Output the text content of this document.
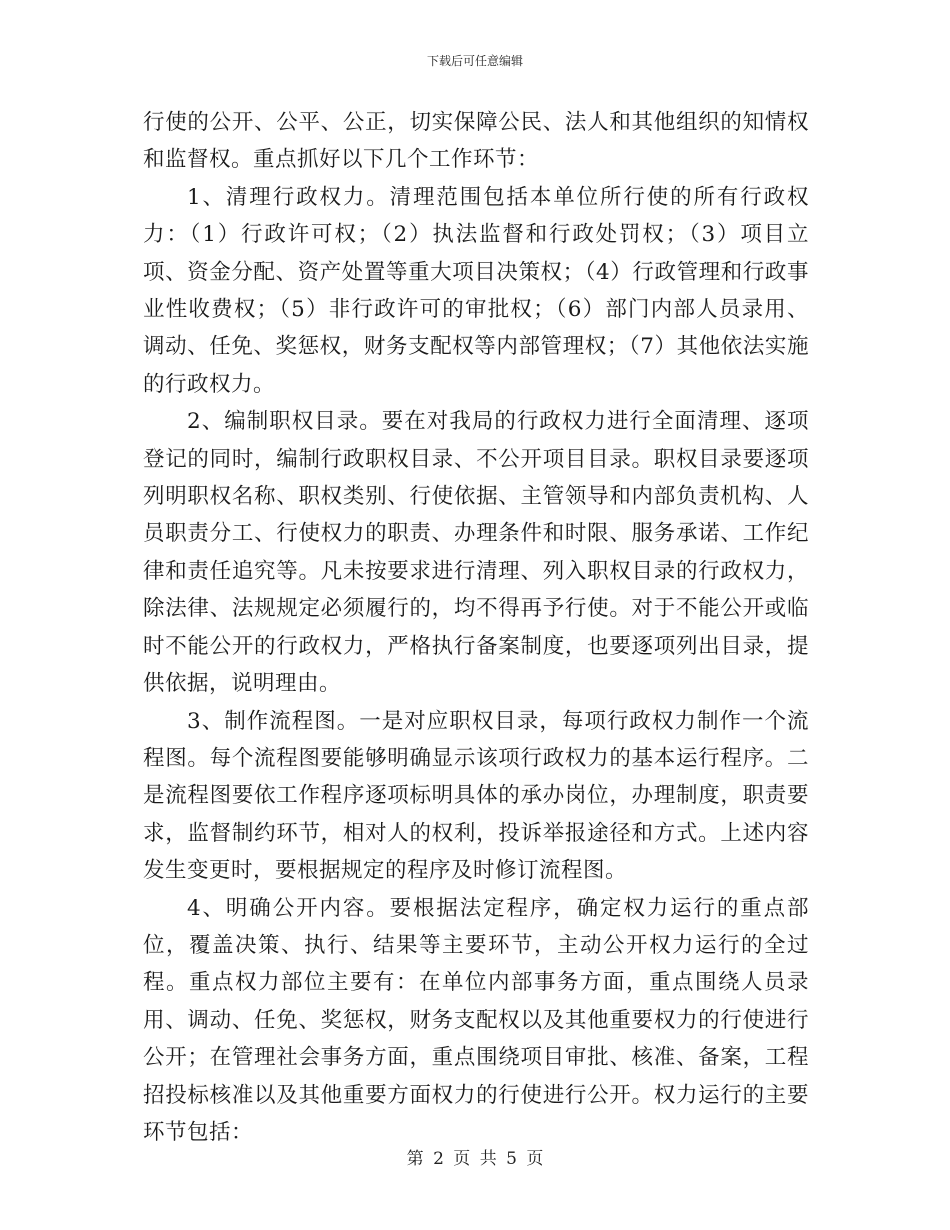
下载后可任意编辑

行使的公开、公平、公正，切实保障公民、法人和其他组织的知情权和监督权。重点抓好以下几个工作环节：

1、清理行政权力。清理范围包括本单位所行使的所有行政权力：（1）行政许可权；（2）执法监督和行政处罚权；（3）项目立项、资金分配、资产处置等重大项目决策权；（4）行政管理和行政事业性收费权；（5）非行政许可的审批权；（6）部门内部人员录用、调动、任免、奖惩权，财务支配权等内部管理权；（7）其他依法实施的行政权力。

2、编制职权目录。要在对我局的行政权力进行全面清理、逐项登记的同时，编制行政职权目录、不公开项目目录。职权目录要逐项列明职权名称、职权类别、行使依据、主管领导和内部负责机构、人员职责分工、行使权力的职责、办理条件和时限、服务承诺、工作纪律和责任追究等。凡未按要求进行清理、列入职权目录的行政权力，除法律、法规规定必须履行的，均不得再予行使。对于不能公开或临时不能公开的行政权力，严格执行备案制度，也要逐项列出目录，提供依据，说明理由。

3、制作流程图。一是对应职权目录，每项行政权力制作一个流程图。每个流程图要能够明确显示该项行政权力的基本运行程序。二是流程图要依工作程序逐项标明具体的承办岗位，办理制度，职责要求，监督制约环节，相对人的权利，投诉举报途径和方式。上述内容发生变更时，要根据规定的程序及时修订流程图。

4、明确公开内容。要根据法定程序，确定权力运行的重点部位，覆盖决策、执行、结果等主要环节，主动公开权力运行的全过程。重点权力部位主要有：在单位内部事务方面，重点围绕人员录用、调动、任免、奖惩权，财务支配权以及其他重要权力的行使进行公开；在管理社会事务方面，重点围绕项目审批、核准、备案，工程招投标核准以及其他重要方面权力的行使进行公开。权力运行的主要环节包括：

第 2 页 共 5 页
